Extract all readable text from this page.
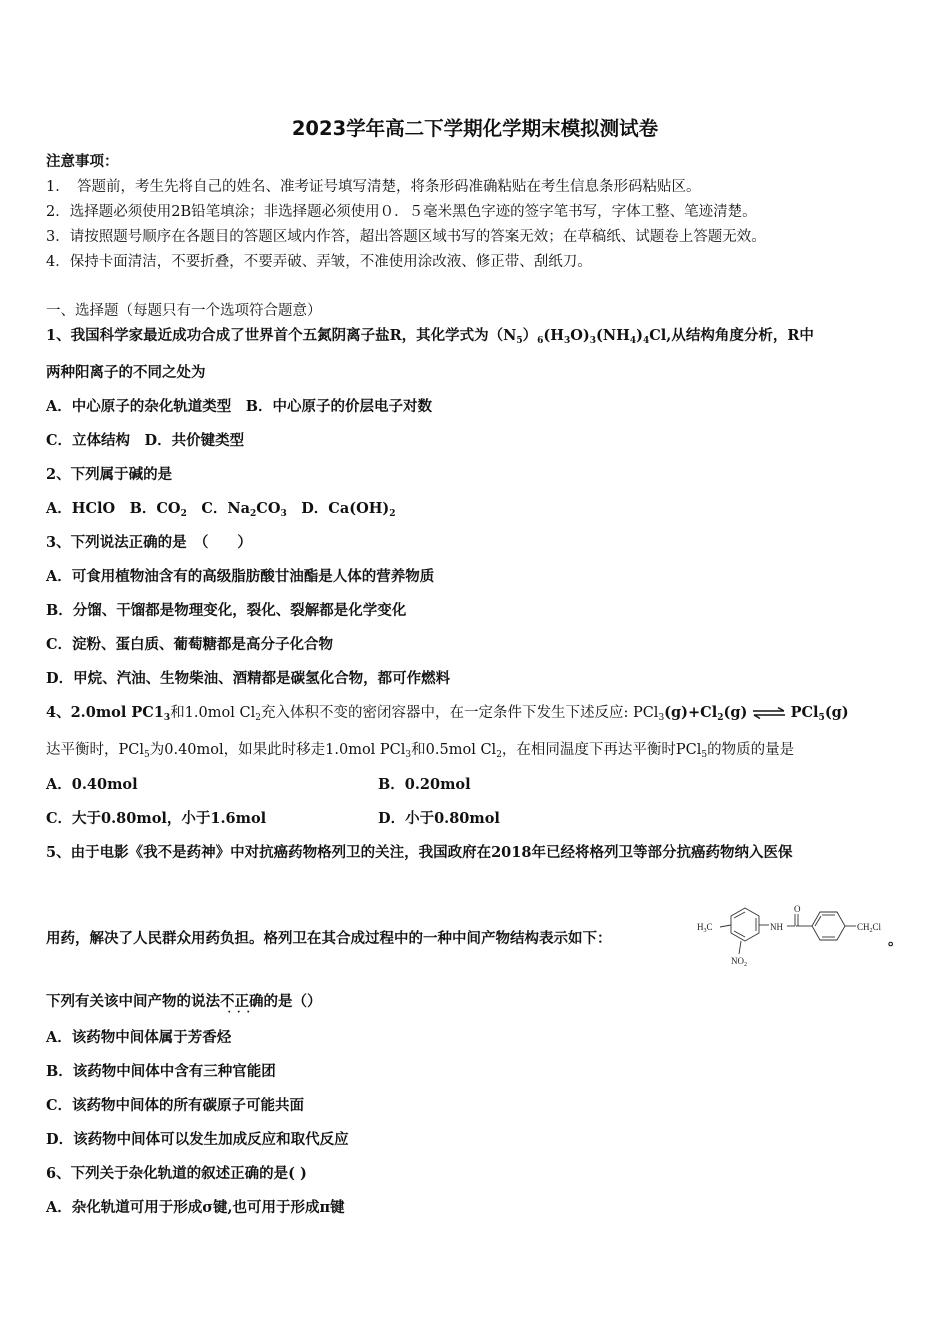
2023学年高二下学期化学期末模拟测试卷
注意事项：
1．　答题前，考生先将自己的姓名、准考证号填写清楚，将条形码准确粘贴在考生信息条形码粘贴区。
2．选择题必须使用2B铅笔填涂；非选择题必须使用０．５毫米黑色字迹的签字笔书写，字体工整、笔迹清楚。
3．请按照题号顺序在各题目的答题区域内作答，超出答题区域书写的答案无效；在草稿纸、试题卷上答题无效。
4．保持卡面清洁，不要折叠，不要弄破、弄皱，不准使用涂改液、修正带、刮纸刀。
一、选择题（每题只有一个选项符合题意）
1、我国科学家最近成功合成了世界首个五氮阴离子盐R，其化学式为$(N_5)_6(H_3O)_3(NH_4)_4Cl$,从结构角度分析，R中
两种阳离子的不同之处为
A．中心原子的杂化轨道类型　B．中心原子的价层电子对数
C．立体结构　D．共价键类型
2、下列属于碱的是
A．HClO　B．$CO_2$　C．$Na_2CO_3$　D．$Ca(OH)_2$
3、下列说法正确的是　（　　）
A．可食用植物油含有的高级脂肪酸甘油酯是人体的营养物质
B．分馏、干馏都是物理变化，裂化、裂解都是化学变化
C．淀粉、蛋白质、葡萄糖都是高分子化合物
D．甲烷、汽油、生物柴油、酒精都是碳氢化合物，都可作燃料
4、2.0mol $PC1_3$和1.0mol $Cl_2$充入体积不变的密闭容器中，在一定条件下发生下述反应: $PCl_3(g)+Cl_2(g)$ ⇌ PCl$_5$(g)
达平衡时，PCl$_5$为0.40mol，如果此时移走1.0mol PCl$_3$和0.5mol $Cl_2$，在相同温度下再达平衡时PCl$_5$的物质的量是
A．0.40mol	B．0.20mol
C．大于0.80mol，小于1.6mol	D．小于0.80mol
5、由于电影《我不是药神》中对抗癌药物格列卫的关注，我国政府在2018年已经将格列卫等部分抗癌药物纳入医保
用药，解决了人民群众用药负担。格列卫在其合成过程中的一种中间产物结构表示如下：	。
$H_3C$	NH
O
$NO_2$
$CH_2Cl$
下列有关该中间产物的说法不正确
···
的是（）
A．该药物中间体属于芳香烃
B．该药物中间体中含有三种官能团
C．该药物中间体的所有碳原子可能共面
D．该药物中间体可以发生加成反应和取代反应
6、下列关于杂化轨道的叙述正确的是( )
A．杂化轨道可用于形成σ键,也可用于形成π键
